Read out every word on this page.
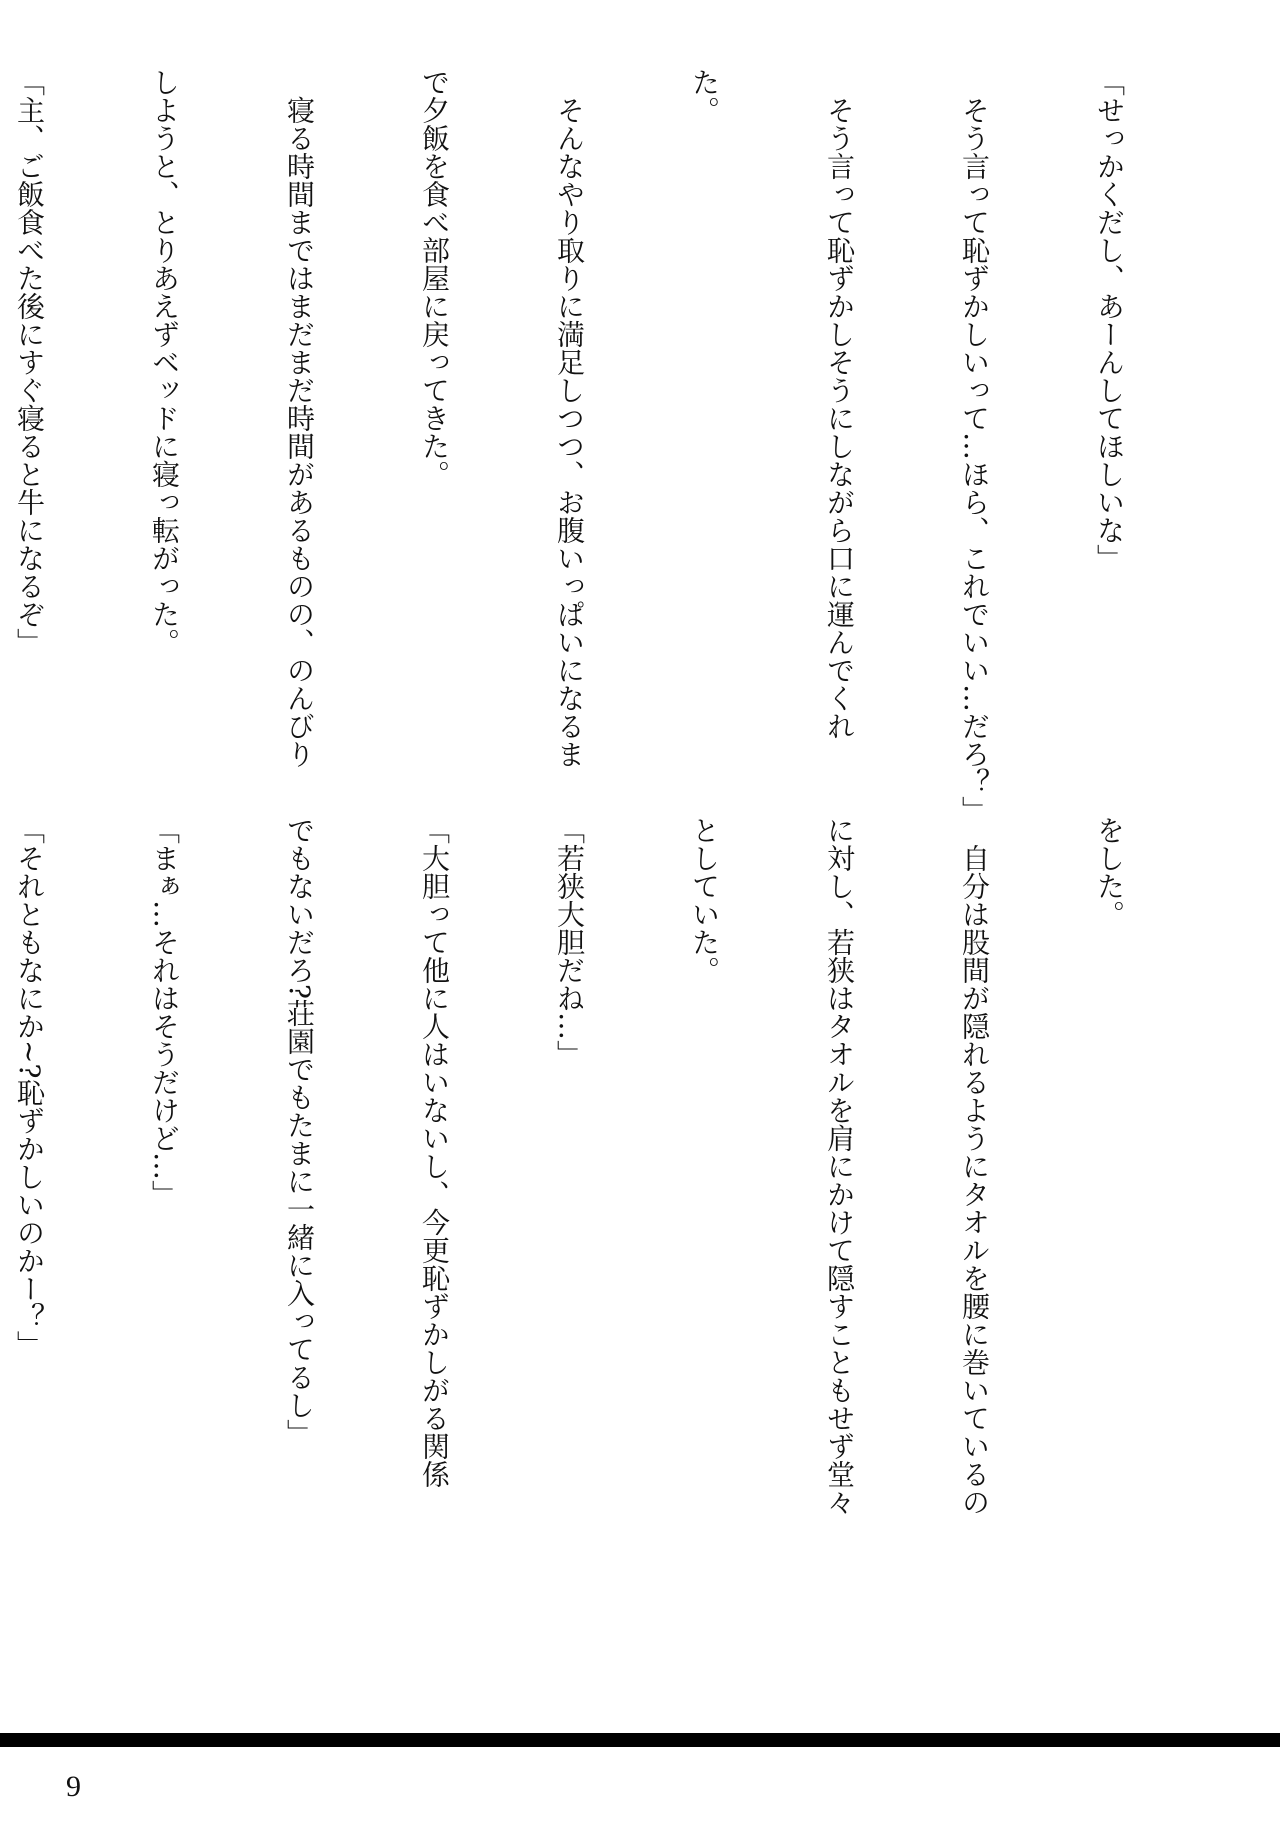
「せっかくだし、あーんしてほしいな」

　そう言って恥ずかしいって…ほら、これでいい…だろ？」

　そう言って恥ずかしそうにしながら口に運んでくれ

た。

　そんなやり取りに満足しつつ、お腹いっぱいになるま

で夕飯を食べ部屋に戻ってきた。

　寝る時間まではまだまだ時間があるものの、のんびり

しようと、とりあえずベッドに寝っ転がった。

「主、ご飯食べた後にすぐ寝ると牛になるぞ」

をした。

　自分は股間が隠れるようにタオルを腰に巻いているの

に対し、若狭はタオルを肩にかけて隠すこともせず堂々

としていた。

「若狭大胆だね…」

「大胆って他に人はいないし、今更恥ずかしがる関係

でもないだろ?荘園でもたまに一緒に入ってるし」

「まぁ…それはそうだけど…」

「それともなにか~?恥ずかしいのかー？」

9
